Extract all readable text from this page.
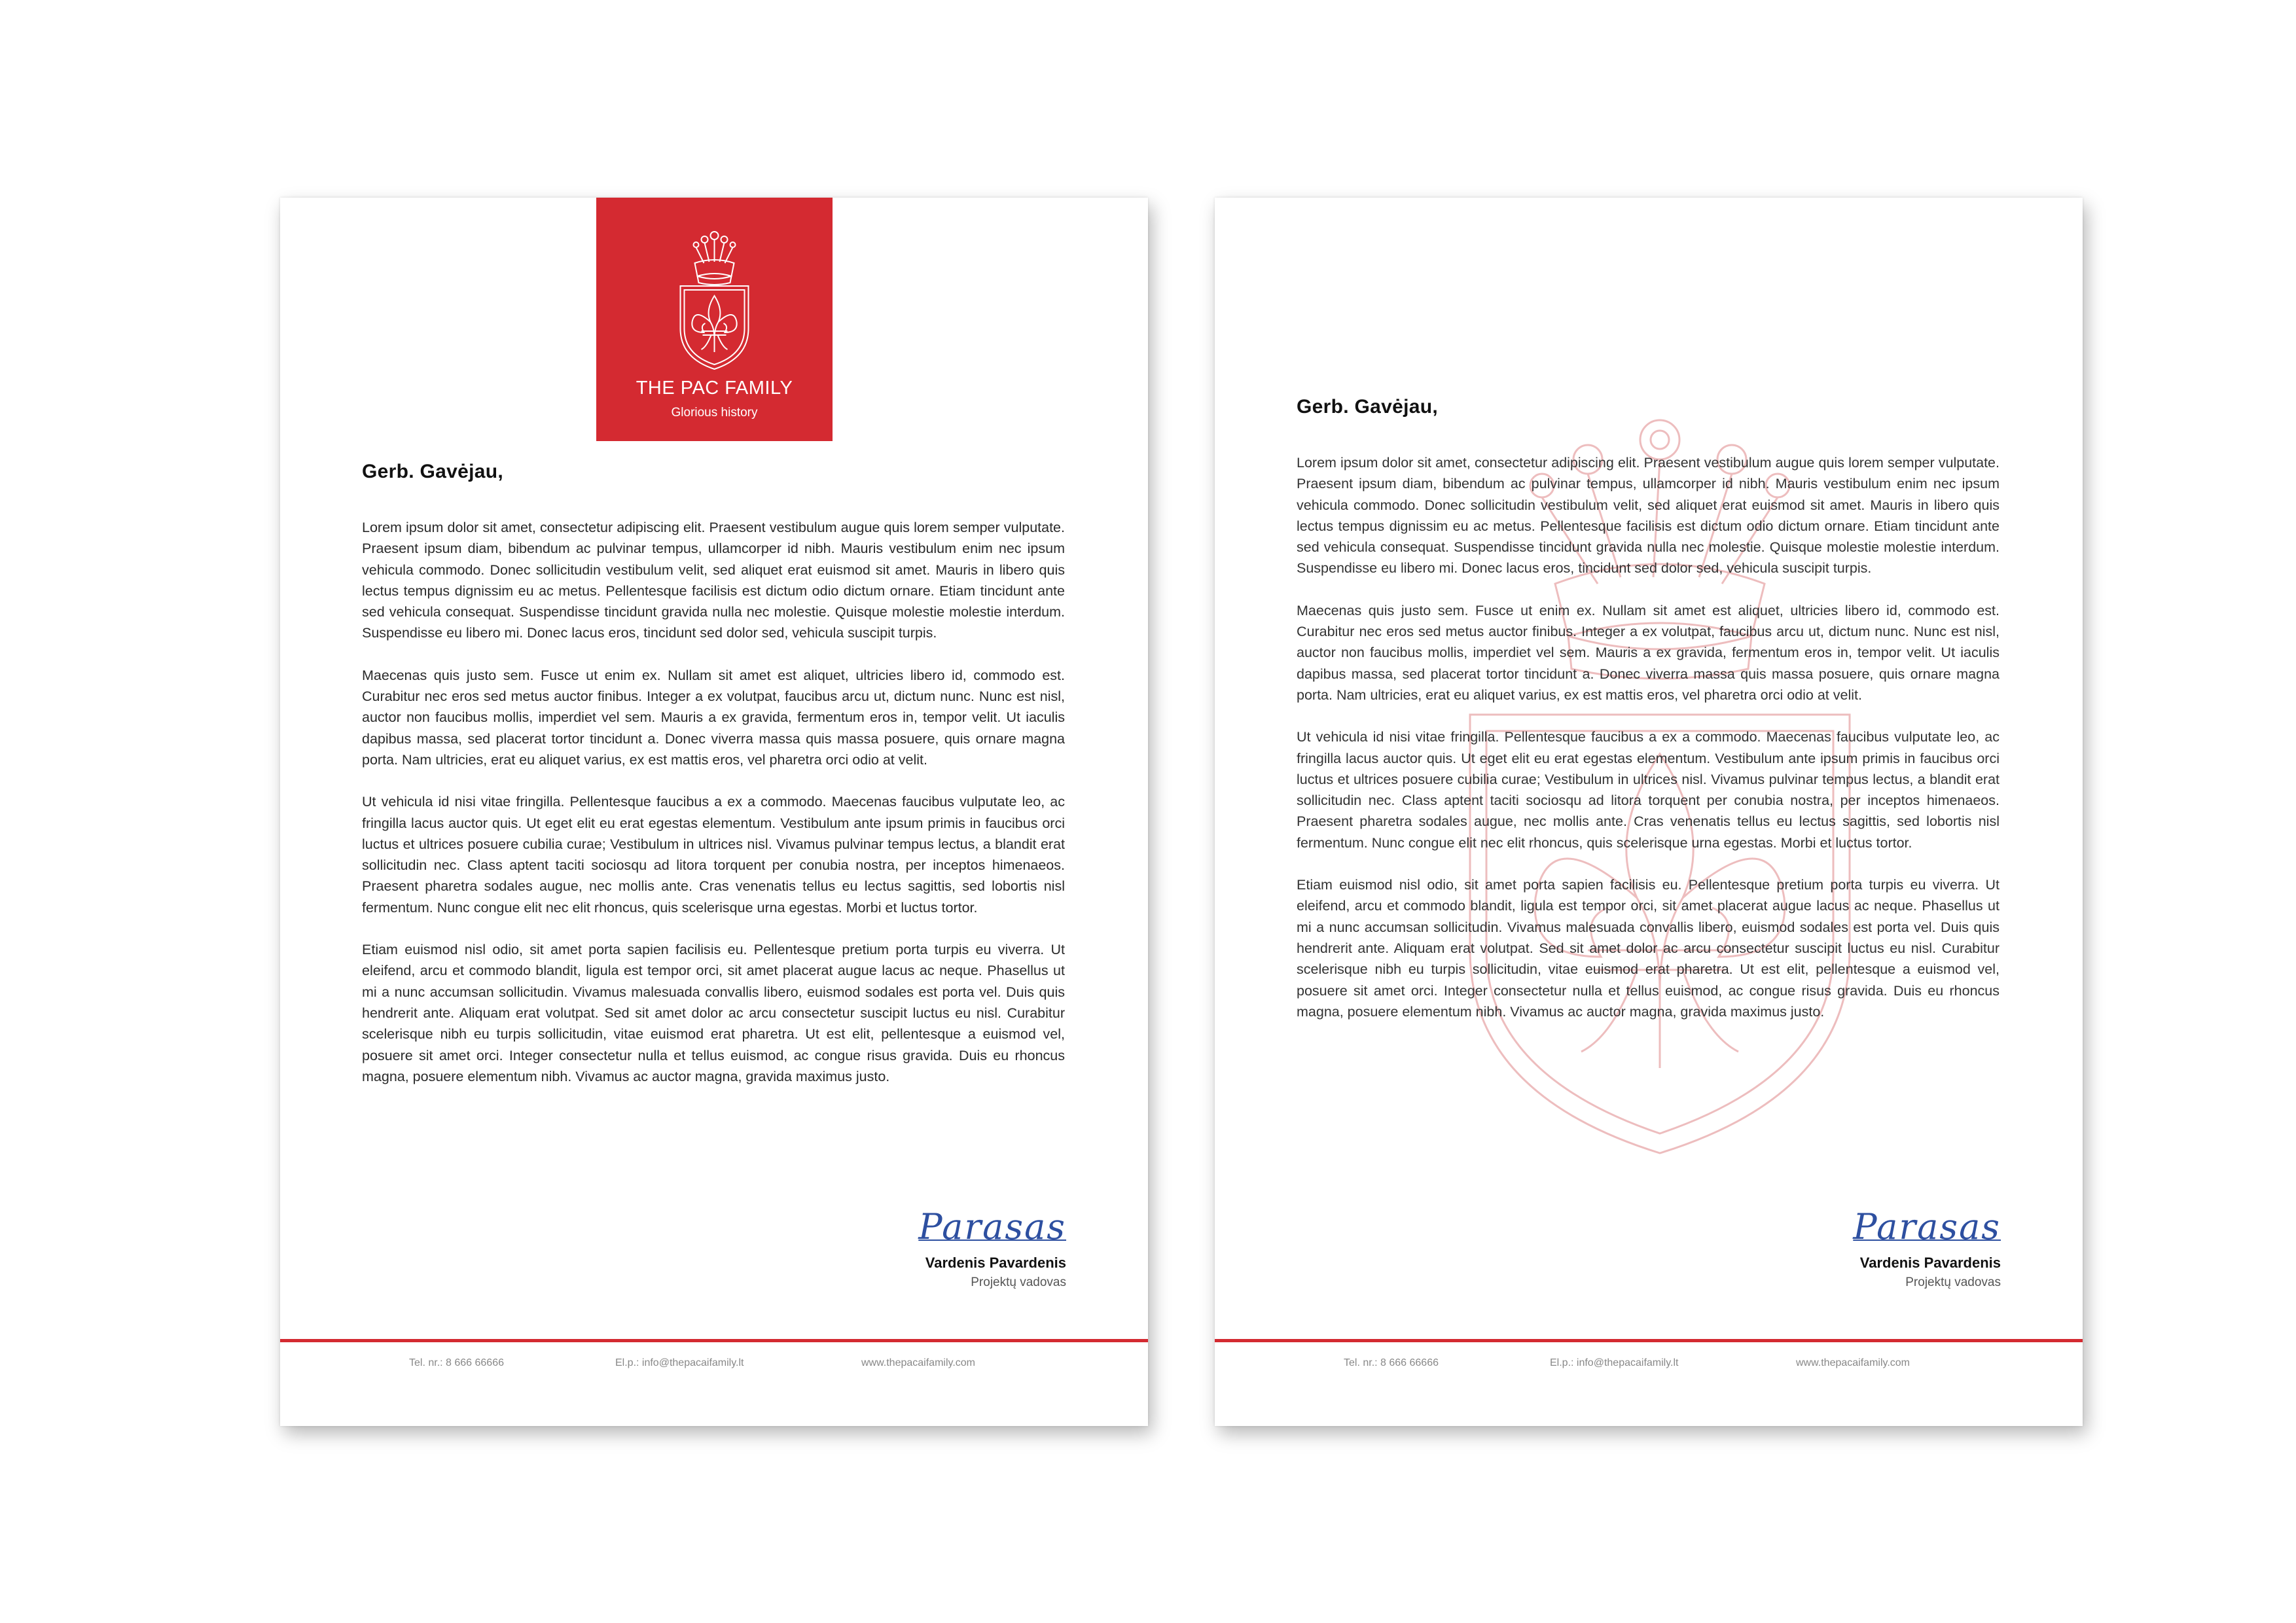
THE PAC FAMILY
Glorious history
Gerb. Gavėjau,

Lorem ipsum dolor sit amet, consectetur adipiscing elit. Praesent vestibulum augue quis lorem semper vulputate. Praesent ipsum diam, bibendum ac pulvinar tempus, ullamcorper id nibh. Mauris vestibulum enim nec ipsum vehicula commodo. Donec sollicitudin vestibulum velit, sed aliquet erat euismod sit amet. Mauris in libero quis lectus tempus dignissim eu ac metus. Pellentesque facilisis est dictum odio dictum ornare. Etiam tincidunt ante sed vehicula consequat. Suspendisse tincidunt gravida nulla nec molestie. Quisque molestie molestie interdum. Suspendisse eu libero mi. Donec lacus eros, tincidunt sed dolor sed, vehicula suscipit turpis.

Maecenas quis justo sem. Fusce ut enim ex. Nullam sit amet est aliquet, ultricies libero id, commodo est. Curabitur nec eros sed metus auctor finibus. Integer a ex volutpat, faucibus arcu ut, dictum nunc. Nunc est nisl, auctor non faucibus mollis, imperdiet vel sem. Mauris a ex gravida, fermentum eros in, tempor velit. Ut iaculis dapibus massa, sed placerat tortor tincidunt a. Donec viverra massa quis massa posuere, quis ornare magna porta. Nam ultricies, erat eu aliquet varius, ex est mattis eros, vel pharetra orci odio at velit.

Ut vehicula id nisi vitae fringilla. Pellentesque faucibus a ex a commodo. Maecenas faucibus vulputate leo, ac fringilla lacus auctor quis. Ut eget elit eu erat egestas elementum. Vestibulum ante ipsum primis in faucibus orci luctus et ultrices posuere cubilia curae; Vestibulum in ultrices nisl. Vivamus pulvinar tempus lectus, a blandit erat sollicitudin nec. Class aptent taciti sociosqu ad litora torquent per conubia nostra, per inceptos himenaeos. Praesent pharetra sodales augue, nec mollis ante. Cras venenatis tellus eu lectus sagittis, sed lobortis nisl fermentum. Nunc congue elit nec elit rhoncus, quis scelerisque urna egestas. Morbi et luctus tortor.

Etiam euismod nisl odio, sit amet porta sapien facilisis eu. Pellentesque pretium porta turpis eu viverra. Ut eleifend, arcu et commodo blandit, ligula est tempor orci, sit amet placerat augue lacus ac neque. Phasellus ut mi a nunc accumsan sollicitudin. Vivamus malesuada convallis libero, euismod sodales est porta vel. Duis quis hendrerit ante. Aliquam erat volutpat. Sed sit amet dolor ac arcu consectetur suscipit luctus eu nisl. Curabitur scelerisque nibh eu turpis sollicitudin, vitae euismod erat pharetra. Ut est elit, pellentesque a euismod vel, posuere sit amet orci. Integer consectetur nulla et tellus euismod, ac congue risus gravida. Duis eu rhoncus magna, posuere elementum nibh. Vivamus ac auctor magna, gravida maximus justo.

Parasas
Vardenis Pavardenis
Projektų vadovas
Tel. nr.: 8 666 66666	El.p.: info@thepacaifamily.lt	www.thepacaifamily.com
Gerb. Gavėjau,

Lorem ipsum dolor sit amet, consectetur adipiscing elit. Praesent vestibulum augue quis lorem semper vulputate. Praesent ipsum diam, bibendum ac pulvinar tempus, ullamcorper id nibh. Mauris vestibulum enim nec ipsum vehicula commodo. Donec sollicitudin vestibulum velit, sed aliquet erat euismod sit amet. Mauris in libero quis lectus tempus dignissim eu ac metus. Pellentesque facilisis est dictum odio dictum ornare. Etiam tincidunt ante sed vehicula consequat. Suspendisse tincidunt gravida nulla nec molestie. Quisque molestie molestie interdum. Suspendisse eu libero mi. Donec lacus eros, tincidunt sed dolor sed, vehicula suscipit turpis.

Maecenas quis justo sem. Fusce ut enim ex. Nullam sit amet est aliquet, ultricies libero id, commodo est. Curabitur nec eros sed metus auctor finibus. Integer a ex volutpat, faucibus arcu ut, dictum nunc. Nunc est nisl, auctor non faucibus mollis, imperdiet vel sem. Mauris a ex gravida, fermentum eros in, tempor velit. Ut iaculis dapibus massa, sed placerat tortor tincidunt a. Donec viverra massa quis massa posuere, quis ornare magna porta. Nam ultricies, erat eu aliquet varius, ex est mattis eros, vel pharetra orci odio at velit.

Ut vehicula id nisi vitae fringilla. Pellentesque faucibus a ex a commodo. Maecenas faucibus vulputate leo, ac fringilla lacus auctor quis. Ut eget elit eu erat egestas elementum. Vestibulum ante ipsum primis in faucibus orci luctus et ultrices posuere cubilia curae; Vestibulum in ultrices nisl. Vivamus pulvinar tempus lectus, a blandit erat sollicitudin nec. Class aptent taciti sociosqu ad litora torquent per conubia nostra, per inceptos himenaeos. Praesent pharetra sodales augue, nec mollis ante. Cras venenatis tellus eu lectus sagittis, sed lobortis nisl fermentum. Nunc congue elit nec elit rhoncus, quis scelerisque urna egestas. Morbi et luctus tortor.

Etiam euismod nisl odio, sit amet porta sapien facilisis eu. Pellentesque pretium porta turpis eu viverra. Ut eleifend, arcu et commodo blandit, ligula est tempor orci, sit amet placerat augue lacus ac neque. Phasellus ut mi a nunc accumsan sollicitudin. Vivamus malesuada convallis libero, euismod sodales est porta vel. Duis quis hendrerit ante. Aliquam erat volutpat. Sed sit amet dolor ac arcu consectetur suscipit luctus eu nisl. Curabitur scelerisque nibh eu turpis sollicitudin, vitae euismod erat pharetra. Ut est elit, pellentesque a euismod vel, posuere sit amet orci. Integer consectetur nulla et tellus euismod, ac congue risus gravida. Duis eu rhoncus magna, posuere elementum nibh. Vivamus ac auctor magna, gravida maximus justo.

Parasas
Vardenis Pavardenis
Projektų vadovas
Tel. nr.: 8 666 66666	El.p.: info@thepacaifamily.lt	www.thepacaifamily.com
